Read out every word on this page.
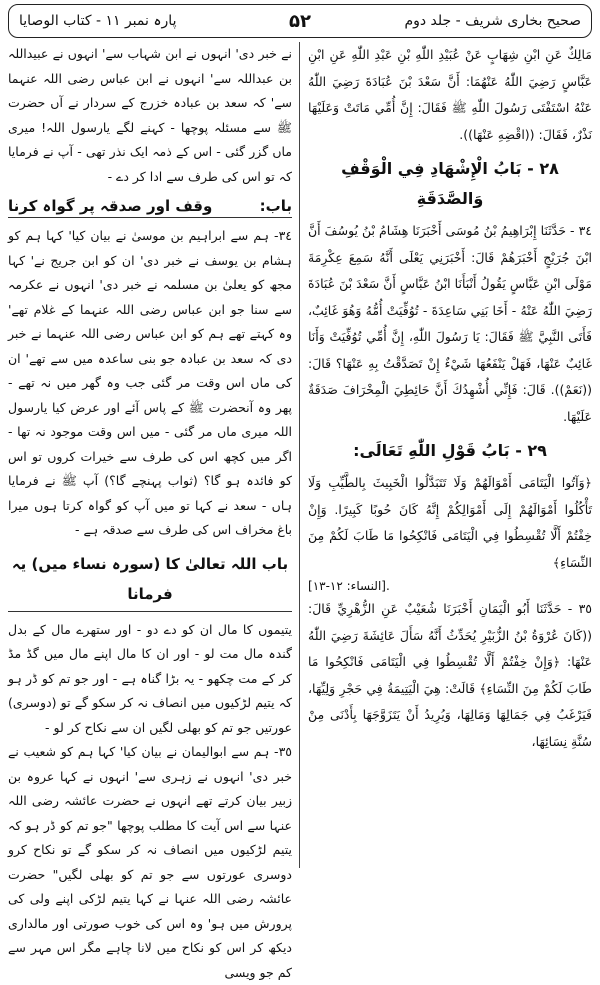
پارہ نمبر ۱۱ - کتاب الوصایا	۵۲	صحیح بخاری شریف - جلد دوم

مَالِكٌ عَنِ ابْنِ شِهَابٍ عَنْ عُبَيْدِ اللّٰهِ بْنِ عَبْدِ اللّٰهِ عَنِ ابْنِ عَبَّاسٍ رَضِيَ اللّٰهُ عَنْهُمَا: أَنَّ سَعْدَ بْنَ عُبَادَةَ رَضِيَ اللّٰهُ عَنْهُ اسْتَفْتَى رَسُولَ اللّٰهِ ﷺ فَقَالَ: إِنَّ أُمِّي مَاتَتْ وَعَلَيْهَا نَذْرٌ، فَقَالَ: ((اقْضِهِ عَنْهَا)).

٢٨ - بَابُ الْإِشْهَادِ فِي الْوَقْفِ وَالصَّدَقَةِ

٣٤ - حَدَّثَنَا إِبْرَاهِيمُ بْنُ مُوسَى أَخْبَرَنَا هِشَامُ بْنُ يُوسُفَ أَنَّ ابْنَ جُرَيْجٍ أَخْبَرَهُمْ قَالَ: أَخْبَرَنِي يَعْلَى أَنَّهُ سَمِعَ عِكْرِمَةَ مَوْلَى ابْنِ عَبَّاسٍ يَقُولُ أَنْبَأَنَا ابْنُ عَبَّاسٍ أَنَّ سَعْدَ بْنَ عُبَادَةَ رَضِيَ اللّٰهُ عَنْهُ - أَخَا بَنِي سَاعِدَةَ - تُوُفِّيَتْ أُمُّهُ وَهُوَ غَائِبٌ، فَأَتَى النَّبِيَّ ﷺ فَقَالَ: يَا رَسُولَ اللّٰهِ، إِنَّ أُمِّي تُوُفِّيَتْ وَأَنَا غَائِبٌ عَنْهَا، فَهَلْ يَنْفَعُهَا شَيْءٌ إِنْ تَصَدَّقْتُ بِهِ عَنْهَا؟ قَالَ: ((نَعَمْ)). قَالَ: فَإِنِّي أُشْهِدُكَ أَنَّ حَائِطِيَ الْمِخْرَافَ صَدَقَةٌ عَلَيْهَا.

٢٩ - بَابُ قَوْلِ اللّٰهِ تَعَالَى:

﴿وَآتُوا الْيَتَامَى أَمْوَالَهُمْ وَلَا تَتَبَدَّلُوا الْخَبِيثَ بِالطَّيِّبِ وَلَا تَأْكُلُوا أَمْوَالَهُمْ إِلَى أَمْوَالِكُمْ إِنَّهُ كَانَ حُوبًا كَبِيرًا. وَإِنْ خِفْتُمْ أَلَّا تُقْسِطُوا فِي الْيَتَامَى فَانْكِحُوا مَا طَابَ لَكُمْ مِنَ النِّسَاءِ﴾

[النساء: ١٢-١٣].

٣٥ - حَدَّثَنَا أَبُو الْيَمَانِ أَخْبَرَنَا شُعَيْبٌ عَنِ الزُّهْرِيِّ قَالَ: ((كَانَ عُرْوَةُ بْنُ الزُّبَيْرِ يُحَدِّثُ أَنَّهُ سَأَلَ عَائِشَةَ رَضِيَ اللّٰهُ عَنْهَا: ﴿وَإِنْ خِفْتُمْ أَلَّا تُقْسِطُوا فِي الْيَتَامَى فَانْكِحُوا مَا طَابَ لَكُمْ مِنَ النِّسَاءِ﴾ قَالَتْ: هِيَ الْيَتِيمَةُ فِي حَجْرِ وَلِيِّهَا، فَيَرْغَبُ فِي جَمَالِهَا وَمَالِهَا، وَيُرِيدُ أَنْ يَتَزَوَّجَهَا بِأَدْنَى مِنْ سُنَّةِ نِسَائِهَا،

نے خبر دی' انہوں نے ابن شہاب سے' انہوں نے عبیداللہ بن عبداللہ سے' انہوں نے ابن عباس رضی اللہ عنہما سے' کہ سعد بن عبادہ خزرج کے سردار نے آں حضرت ﷺ سے مسئلہ پوچھا - کہنے لگے یارسول اللہ! میری ماں گزر گئی - اس کے ذمہ ایک نذر تھی - آپ نے فرمایا کہ تو اس کی طرف سے ادا کر دے -

باب:
وقف اور صدقہ پر گواہ کرنا

٣٤- ہم سے ابراہیم بن موسیٰ نے بیان کیا' کہا ہم کو ہشام بن یوسف نے خبر دی' ان کو ابن جریج نے' کہا مجھ کو یعلیٰ بن مسلمہ نے خبر دی' انہوں نے عکرمہ سے سنا جو ابن عباس رضی اللہ عنہما کے غلام تھے' وہ کہتے تھے ہم کو ابن عباس رضی اللہ عنہما نے خبر دی کہ سعد بن عبادہ جو بنی ساعدہ میں سے تھے' ان کی ماں اس وقت مر گئی جب وہ گھر میں نہ تھے - پھر وہ آنحضرت ﷺ کے پاس آئے اور عرض کیا یارسول اللہ میری ماں مر گئی - میں اس وقت موجود نہ تھا - اگر میں کچھ اس کی طرف سے خیرات کروں تو اس کو فائدہ ہو گا؟ (ثواب پہنچے گا؟) آپ ﷺ نے فرمایا ہاں - سعد نے کہا تو میں آپ کو گواہ کرتا ہوں میرا باغ مخراف اس کی طرف سے صدقہ ہے -

باب اللہ تعالیٰ کا (سورہ نساء میں) یہ فرمانا

یتیموں کا مال ان کو دے دو - اور ستھرے مال کے بدل گندہ مال مت لو - اور ان کا مال اپنے مال میں گڈ مڈ کر کے مت چکھو - یہ بڑا گناہ ہے - اور جو تم کو ڈر ہو کہ یتیم لڑکیوں میں انصاف نہ کر سکو گے تو (دوسری) عورتیں جو تم کو بھلی لگیں ان سے نکاح کر لو -

٣٥- ہم سے ابوالیمان نے بیان کیا' کہا ہم کو شعیب نے خبر دی' انہوں نے زہری سے' انہوں نے کہا عروہ بن زبیر بیان کرتے تھے انہوں نے حضرت عائشہ رضی اللہ عنہا سے اس آیت کا مطلب پوچھا "جو تم کو ڈر ہو کہ یتیم لڑکیوں میں انصاف نہ کر سکو گے تو نکاح کرو دوسری عورتوں سے جو تم کو بھلی لگیں" حضرت عائشہ رضی اللہ عنہا نے کہا یتیم لڑکی اپنے ولی کی پرورش میں ہو' وہ اس کی خوب صورتی اور مالداری دیکھ کر اس کو نکاح میں لانا چاہے مگر اس مہر سے کم جو ویسی
